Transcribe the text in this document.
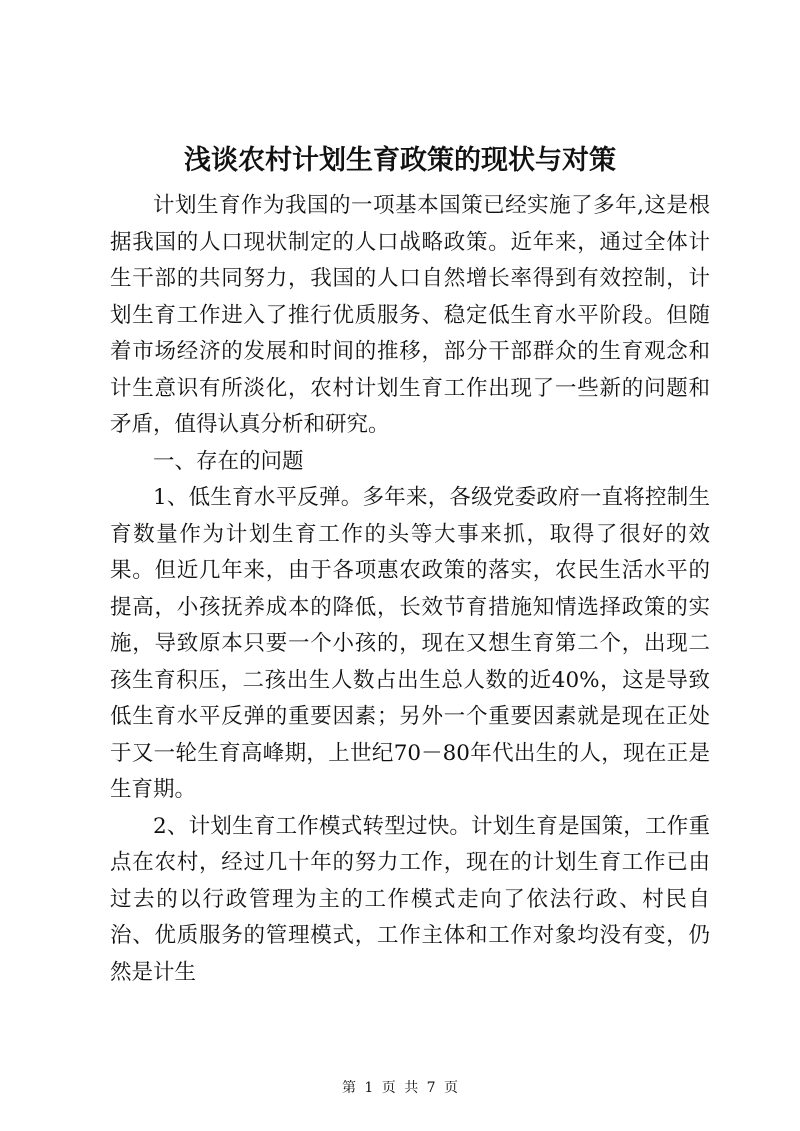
浅谈农村计划生育政策的现状与对策

计划生育作为我国的一项基本国策已经实施了多年,这是根据我国的人口现状制定的人口战略政策。近年来，通过全体计生干部的共同努力，我国的人口自然增长率得到有效控制，计划生育工作进入了推行优质服务、稳定低生育水平阶段。但随着市场经济的发展和时间的推移，部分干部群众的生育观念和计生意识有所淡化，农村计划生育工作出现了一些新的问题和矛盾，值得认真分析和研究。

一、存在的问题

1、低生育水平反弹。多年来，各级党委政府一直将控制生育数量作为计划生育工作的头等大事来抓，取得了很好的效果。但近几年来，由于各项惠农政策的落实，农民生活水平的提高，小孩抚养成本的降低，长效节育措施知情选择政策的实施，导致原本只要一个小孩的，现在又想生育第二个，出现二孩生育积压，二孩出生人数占出生总人数的近40%，这是导致低生育水平反弹的重要因素；另外一个重要因素就是现在正处于又一轮生育高峰期，上世纪70－80年代出生的人，现在正是生育期。

2、计划生育工作模式转型过快。计划生育是国策，工作重点在农村，经过几十年的努力工作，现在的计划生育工作已由过去的以行政管理为主的工作模式走向了依法行政、村民自治、优质服务的管理模式，工作主体和工作对象均没有变，仍然是计生

第 1 页 共 7 页
